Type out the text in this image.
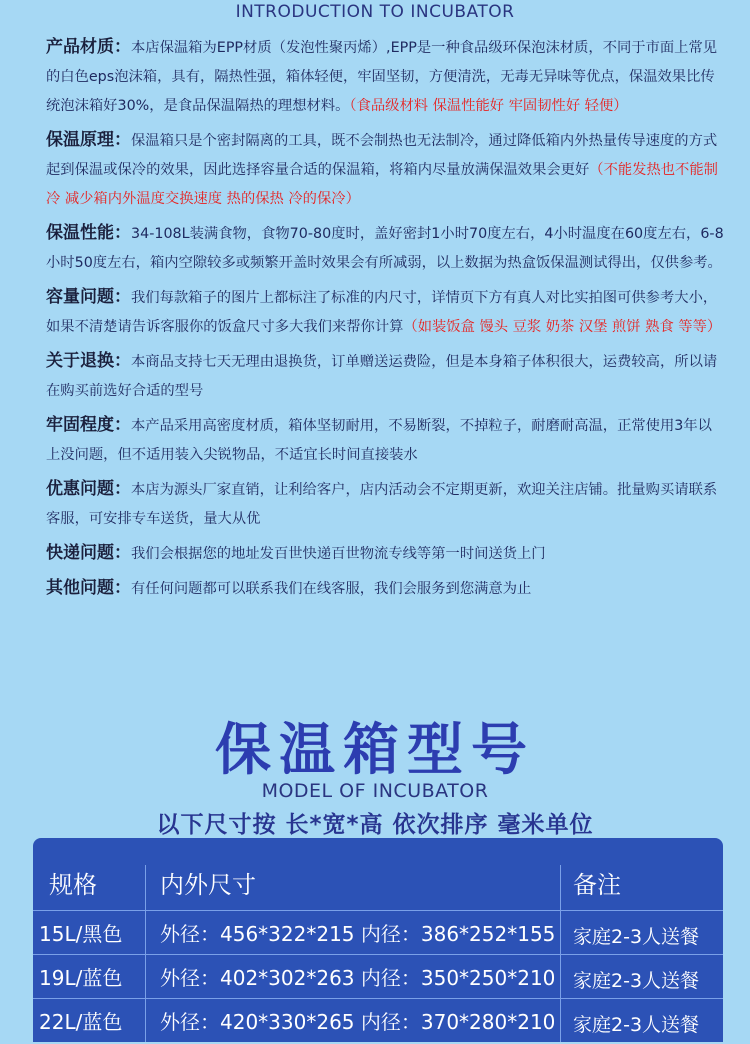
INTRODUCTION TO INCUBATOR

产品材质：本店保温箱为EPP材质（发泡性聚丙烯）,EPP是一种食品级环保泡沫材质，不同于市面上常见的白色eps泡沫箱，具有，隔热性强，箱体轻便，牢固坚韧，方便清洗，无毒无异味等优点，保温效果比传统泡沫箱好30%，是食品保温隔热的理想材料。（食品级材料 保温性能好 牢固韧性好 轻便）

保温原理：保温箱只是个密封隔离的工具，既不会制热也无法制冷，通过降低箱内外热量传导速度的方式起到保温或保冷的效果，因此选择容量合适的保温箱，将箱内尽量放满保温效果会更好（不能发热也不能制冷 减少箱内外温度交换速度 热的保热 冷的保冷）

保温性能：34-108L装满食物，食物70-80度时，盖好密封1小时70度左右，4小时温度在60度左右，6-8小时50度左右，箱内空隙较多或频繁开盖时效果会有所减弱，以上数据为热盒饭保温测试得出，仅供参考。

容量问题：我们每款箱子的图片上都标注了标准的内尺寸，详情页下方有真人对比实拍图可供参考大小，如果不清楚请告诉客服你的饭盒尺寸多大我们来帮你计算（如装饭盒 馒头 豆浆 奶茶 汉堡 煎饼 熟食 等等）

关于退换：本商品支持七天无理由退换货，订单赠送运费险，但是本身箱子体积很大，运费较高，所以请在购买前选好合适的型号

牢固程度：本产品采用高密度材质，箱体坚韧耐用，不易断裂，不掉粒子，耐磨耐高温，正常使用3年以上没问题，但不适用装入尖锐物品，不适宜长时间直接装水

优惠问题：本店为源头厂家直销，让利给客户，店内活动会不定期更新，欢迎关注店铺。批量购买请联系客服，可安排专车送货，量大从优

快递问题：我们会根据您的地址发百世快递百世物流专线等第一时间送货上门

其他问题：有任何问题都可以联系我们在线客服，我们会服务到您满意为止

保温箱型号
MODEL OF INCUBATOR
以下尺寸按 长*宽*高 依次排序 毫米单位
规格	内外尺寸	备注
15L/黑色	外径：456*322*215 内径：386*252*155 家庭2-3人送餐
19L/蓝色	外径：402*302*263 内径：350*250*210 家庭2-3人送餐
22L/蓝色	外径：420*330*265 内径：370*280*210 家庭2-3人送餐
